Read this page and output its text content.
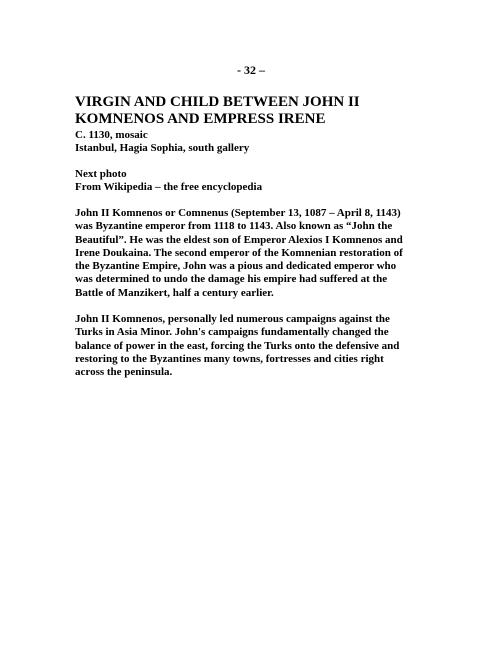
- 32 –
VIRGIN AND CHILD BETWEEN JOHN II
KOMNENOS AND EMPRESS IRENE
C. 1130, mosaic
Istanbul, Hagia Sophia, south gallery
Next photo
From Wikipedia – the free encyclopedia
John II Komnenos or Comnenus (September 13, 1087 – April 8, 1143)
was Byzantine emperor from 1118 to 1143. Also known as “John the
Beautiful”. He was the eldest son of Emperor Alexios I Komnenos and
Irene Doukaina. The second emperor of the Komnenian restoration of
the Byzantine Empire, John was a pious and dedicated emperor who
was determined to undo the damage his empire had suffered at the
Battle of Manzikert, half a century earlier.
John II Komnenos, personally led numerous campaigns against the
Turks in Asia Minor. John's campaigns fundamentally changed the
balance of power in the east, forcing the Turks onto the defensive and
restoring to the Byzantines many towns, fortresses and cities right
across the peninsula.
